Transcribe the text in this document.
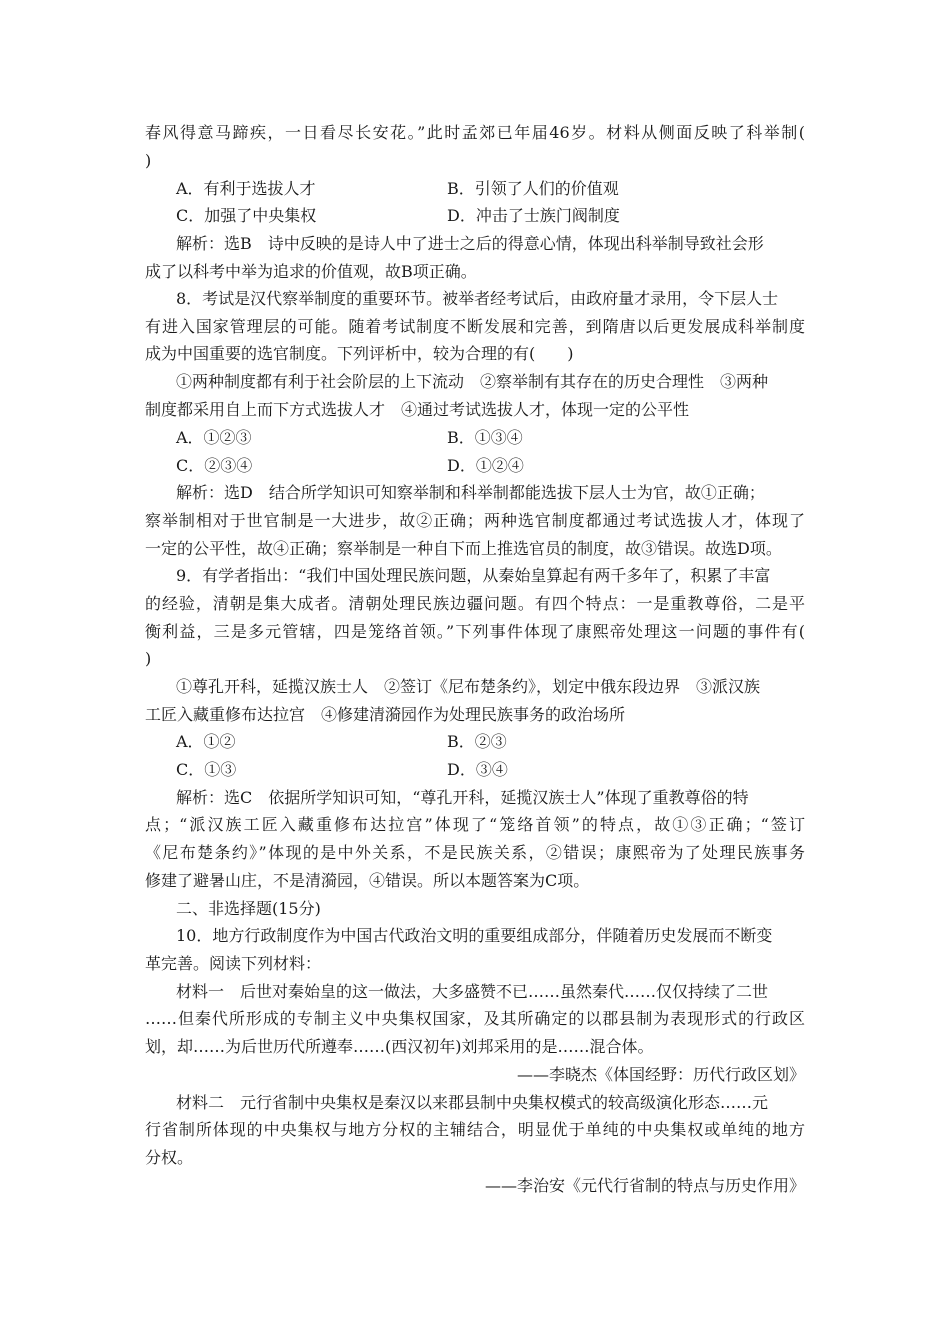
春风得意马蹄疾，一日看尽长安花。”此时孟郊已年届46岁。材料从侧面反映了科举制(
)
A．有利于选拔人才	B．引领了人们的价值观
C．加强了中央集权	D．冲击了士族门阀制度
解析：选B　诗中反映的是诗人中了进士之后的得意心情，体现出科举制导致社会形
成了以科考中举为追求的价值观，故B项正确。
8．考试是汉代察举制度的重要环节。被举者经考试后，由政府量才录用，令下层人士
有进入国家管理层的可能。随着考试制度不断发展和完善，到隋唐以后更发展成科举制度
成为中国重要的选官制度。下列评析中，较为合理的有(　　)
①两种制度都有利于社会阶层的上下流动　②察举制有其存在的历史合理性　③两种
制度都采用自上而下方式选拔人才　④通过考试选拔人才，体现一定的公平性
A．①②③	B．①③④
C．②③④	D．①②④
解析：选D　结合所学知识可知察举制和科举制都能选拔下层人士为官，故①正确；
察举制相对于世官制是一大进步，故②正确；两种选官制度都通过考试选拔人才，体现了
一定的公平性，故④正确；察举制是一种自下而上推选官员的制度，故③错误。故选D项。
9．有学者指出：“我们中国处理民族问题，从秦始皇算起有两千多年了，积累了丰富
的经验，清朝是集大成者。清朝处理民族边疆问题。有四个特点：一是重教尊俗，二是平
衡利益，三是多元管辖，四是笼络首领。”下列事件体现了康熙帝处理这一问题的事件有(
)
①尊孔开科，延揽汉族士人　②签订《尼布楚条约》，划定中俄东段边界　③派汉族
工匠入藏重修布达拉宫　④修建清漪园作为处理民族事务的政治场所
A．①②	B．②③
C．①③	D．③④
解析：选C　依据所学知识可知，“尊孔开科，延揽汉族士人”体现了重教尊俗的特
点；“派汉族工匠入藏重修布达拉宫”体现了“笼络首领”的特点，故①③正确；“签订
《尼布楚条约》”体现的是中外关系，不是民族关系，②错误；康熙帝为了处理民族事务
修建了避暑山庄，不是清漪园，④错误。所以本题答案为C项。
二、非选择题(15分)
10．地方行政制度作为中国古代政治文明的重要组成部分，伴随着历史发展而不断变
革完善。阅读下列材料：
材料一　后世对秦始皇的这一做法，大多盛赞不已……虽然秦代……仅仅持续了二世
……但秦代所形成的专制主义中央集权国家，及其所确定的以郡县制为表现形式的行政区
划，却……为后世历代所遵奉……(西汉初年)刘邦采用的是……混合体。
——李晓杰《体国经野：历代行政区划》
材料二　元行省制中央集权是秦汉以来郡县制中央集权模式的较高级演化形态……元
行省制所体现的中央集权与地方分权的主辅结合，明显优于单纯的中央集权或单纯的地方
分权。
——李治安《元代行省制的特点与历史作用》
